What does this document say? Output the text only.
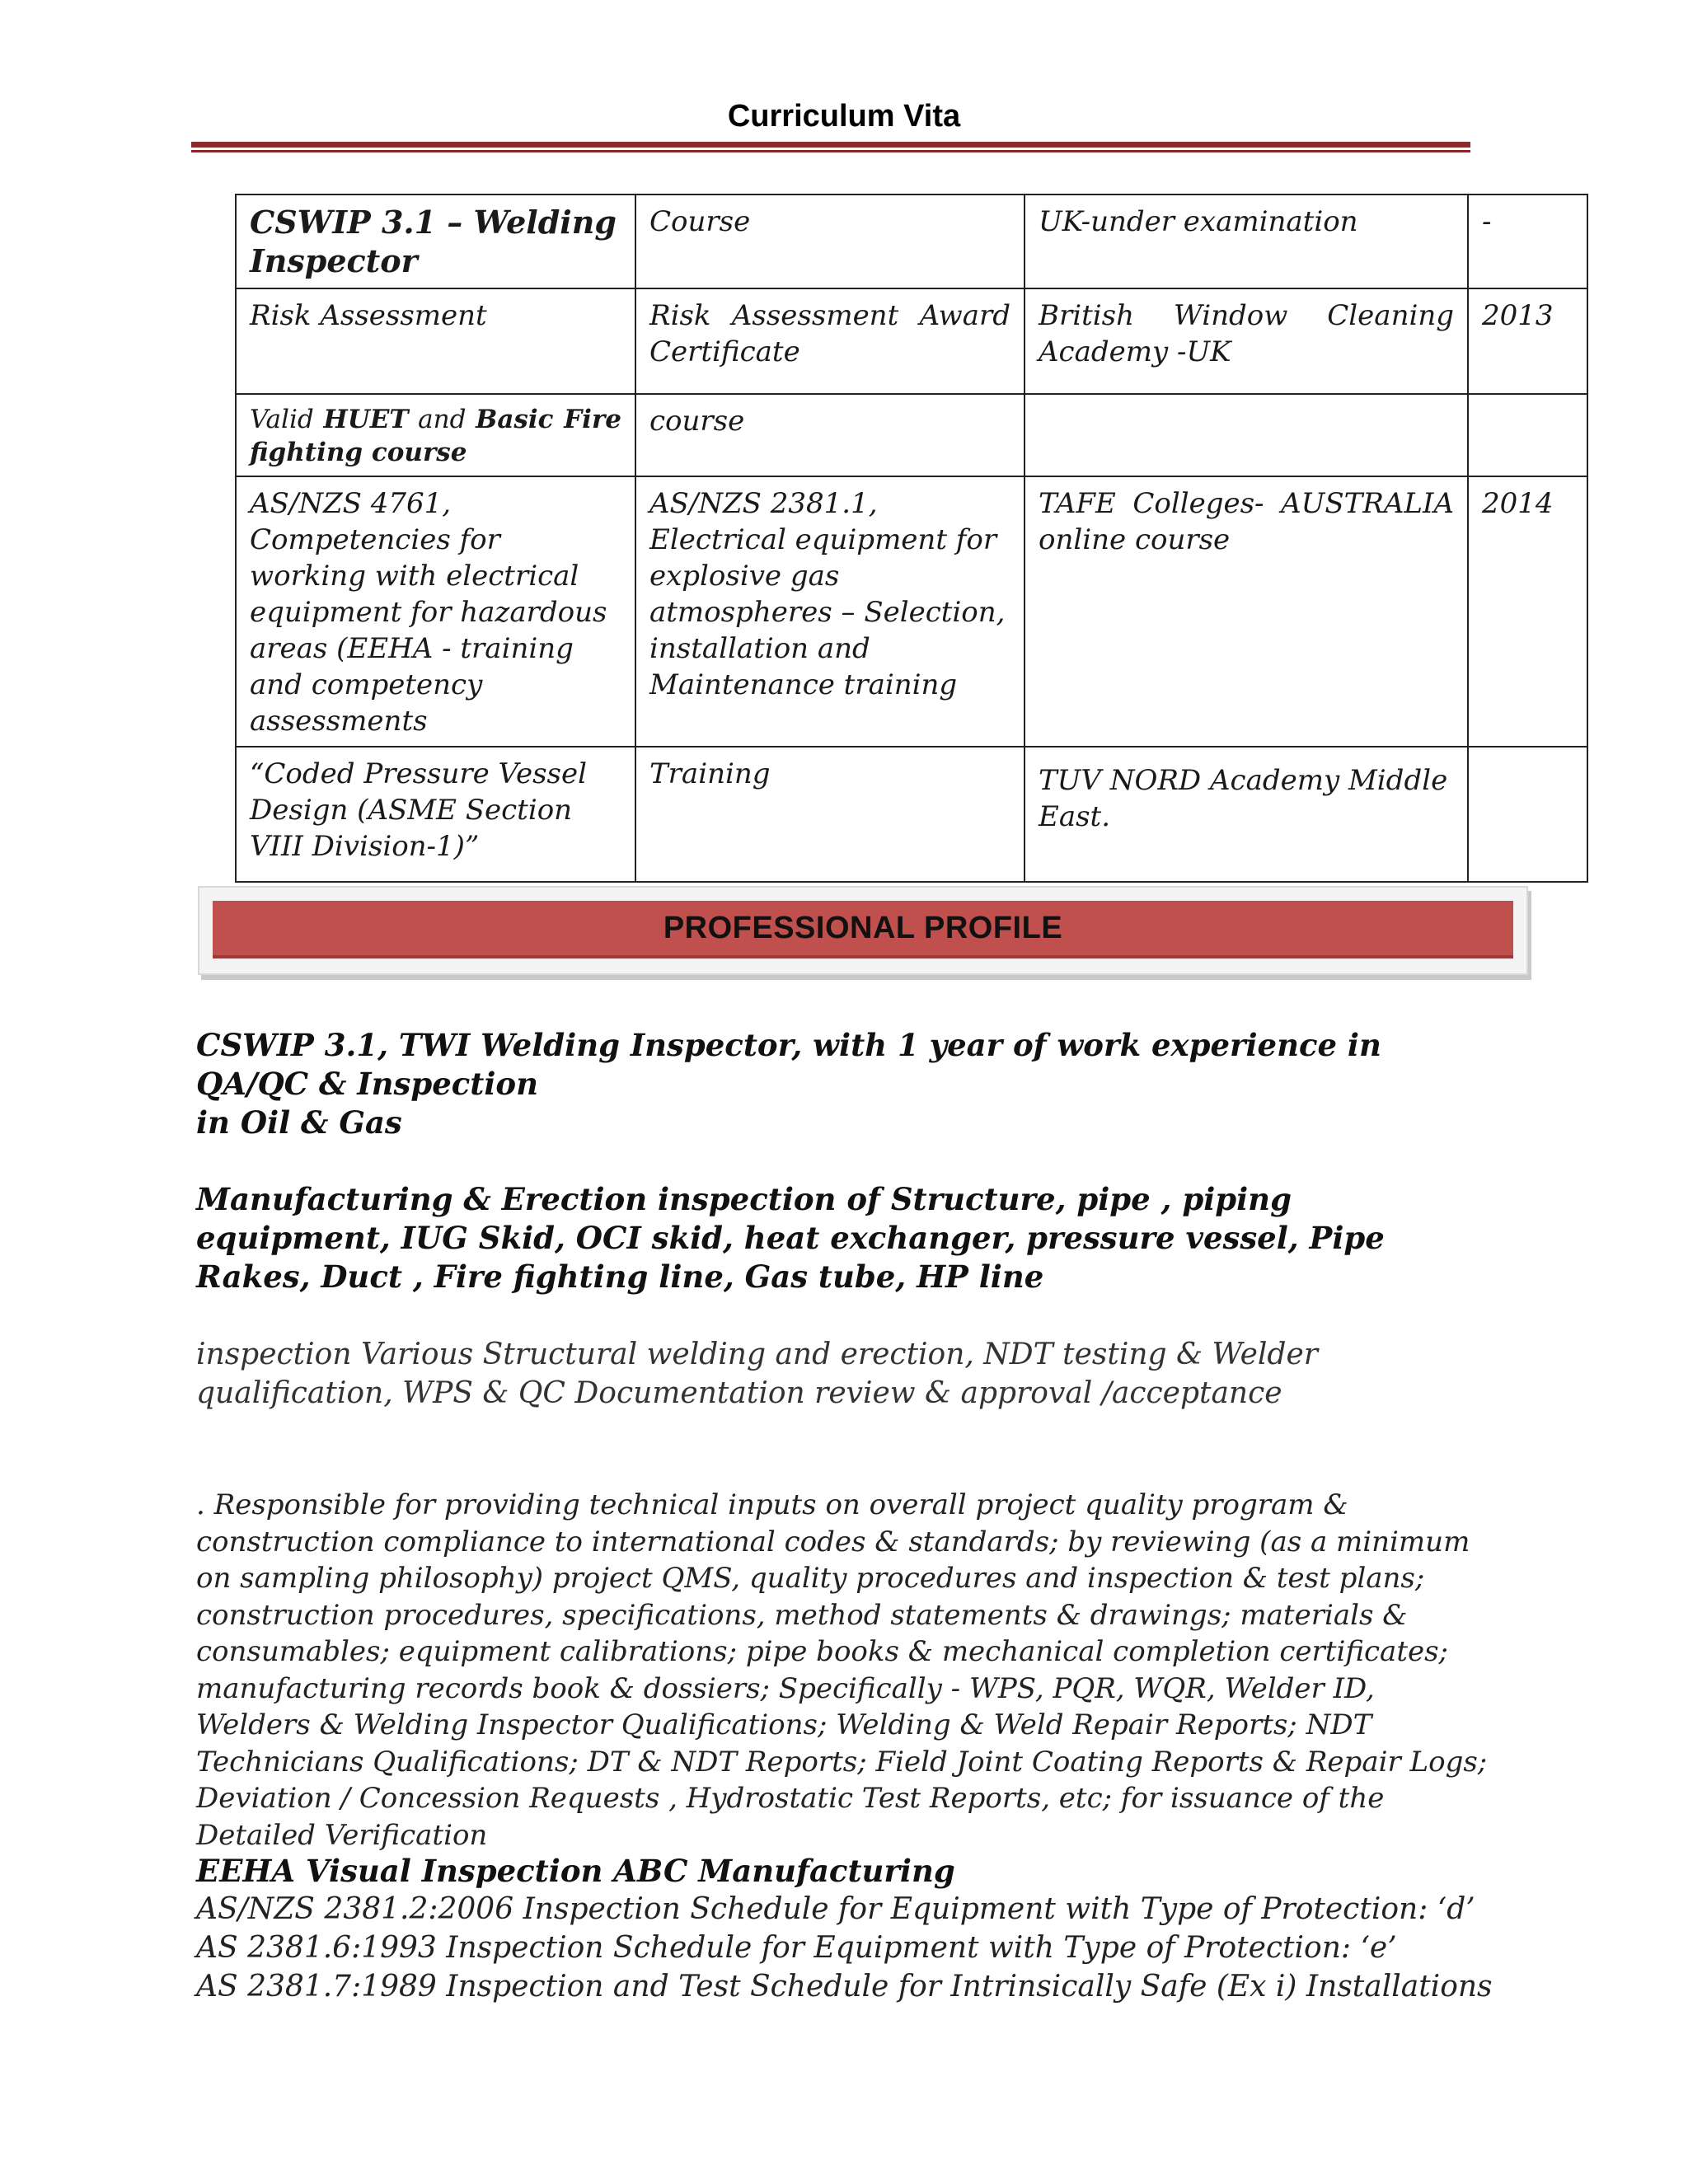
Curriculum Vita
CSWIP 3.1 – Welding Inspector	Course	UK-under examination	-
Risk Assessment	Risk Assessment Award Certificate	British Window Cleaning Academy -UK	2013
Valid HUET and Basic Fire fighting course	course		
AS/NZS 4761, Competencies for working with electrical equipment for hazardous areas (EEHA - training and competency assessments	AS/NZS 2381.1, Electrical equipment for explosive gas atmospheres – Selection, installation and Maintenance training	TAFE Colleges- AUSTRALIA online course	2014
“Coded Pressure Vessel Design (ASME Section VIII Division-1)”	Training	TUV NORD Academy Middle East.	
PROFESSIONAL PROFILE

CSWIP 3.1, TWI Welding Inspector, with 1 year of work experience in QA/QC & Inspection

in Oil & Gas

Manufacturing & Erection inspection of Structure, pipe , piping equipment, IUG Skid, OCI skid, heat exchanger, pressure vessel, Pipe Rakes, Duct , Fire fighting line, Gas tube, HP line

inspection Various Structural welding and erection, NDT testing & Welder qualification, WPS & QC Documentation review & approval /acceptance

. Responsible for providing technical inputs on overall project quality program & construction compliance to international codes & standards; by reviewing (as a minimum on sampling philosophy) project QMS, quality procedures and inspection & test plans; construction procedures, specifications, method statements & drawings; materials & consumables; equipment calibrations; pipe books & mechanical completion certificates; manufacturing records book & dossiers; Specifically - WPS, PQR, WQR, Welder ID, Welders & Welding Inspector Qualifications; Welding & Weld Repair Reports; NDT Technicians Qualifications; DT & NDT Reports; Field Joint Coating Reports & Repair Logs; Deviation / Concession Requests , Hydrostatic Test Reports, etc; for issuance of the Detailed Verification

EEHA Visual Inspection ABC Manufacturing

AS/NZS 2381.2:2006 Inspection Schedule for Equipment with Type of Protection: ‘d’

AS 2381.6:1993 Inspection Schedule for Equipment with Type of Protection: ‘e’

AS 2381.7:1989 Inspection and Test Schedule for Intrinsically Safe (Ex i) Installations
